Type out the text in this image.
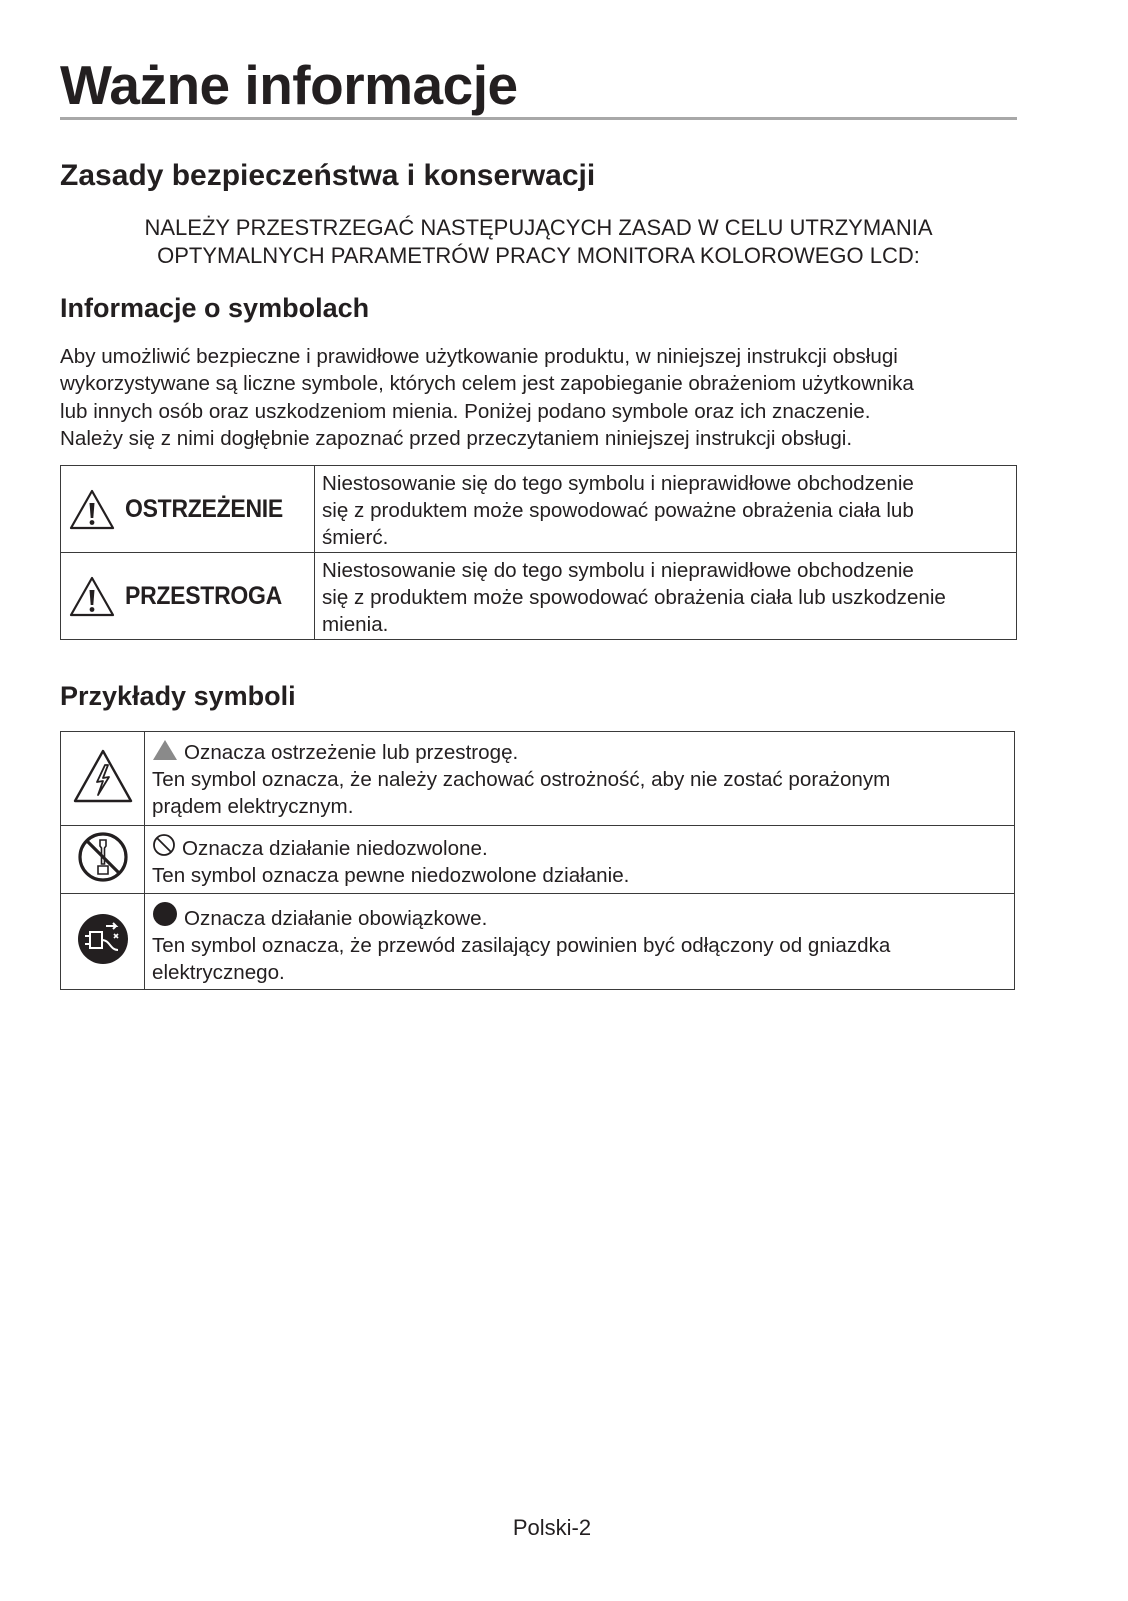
Ważne informacje
Zasady bezpieczeństwa i konserwacji
NALEŻY PRZESTRZEGAĆ NASTĘPUJĄCYCH ZASAD W CELU UTRZYMANIA
OPTYMALNYCH PARAMETRÓW PRACY MONITORA KOLOROWEGO LCD:
Informacje o symbolach
Aby umożliwić bezpieczne i prawidłowe użytkowanie produktu, w niniejszej instrukcji obsługi
wykorzystywane są liczne symbole, których celem jest zapobieganie obrażeniom użytkownika
lub innych osób oraz uszkodzeniom mienia. Poniżej podano symbole oraz ich znaczenie.
Należy się z nimi dogłębnie zapoznać przed przeczytaniem niniejszej instrukcji obsługi.
OSTRZEŻENIE	Niestosowanie się do tego symbolu i nieprawidłowe obchodzenie
się z produktem może spowodować poważne obrażenia ciała lub
śmierć.

PRZESTROGA	Niestosowanie się do tego symbolu i nieprawidłowe obchodzenie
się z produktem może spowodować obrażenia ciała lub uszkodzenie
mienia.
Przykłady symboli

Oznacza ostrzeżenie lub przestrogę.
Ten symbol oznacza, że należy zachować ostrożność, aby nie zostać porażonym
prądem elektrycznym.

Oznacza działanie niedozwolone.
Ten symbol oznacza pewne niedozwolone działanie.

Oznacza działanie obowiązkowe.
Ten symbol oznacza, że przewód zasilający powinien być odłączony od gniazdka
elektrycznego.
Polski-2
